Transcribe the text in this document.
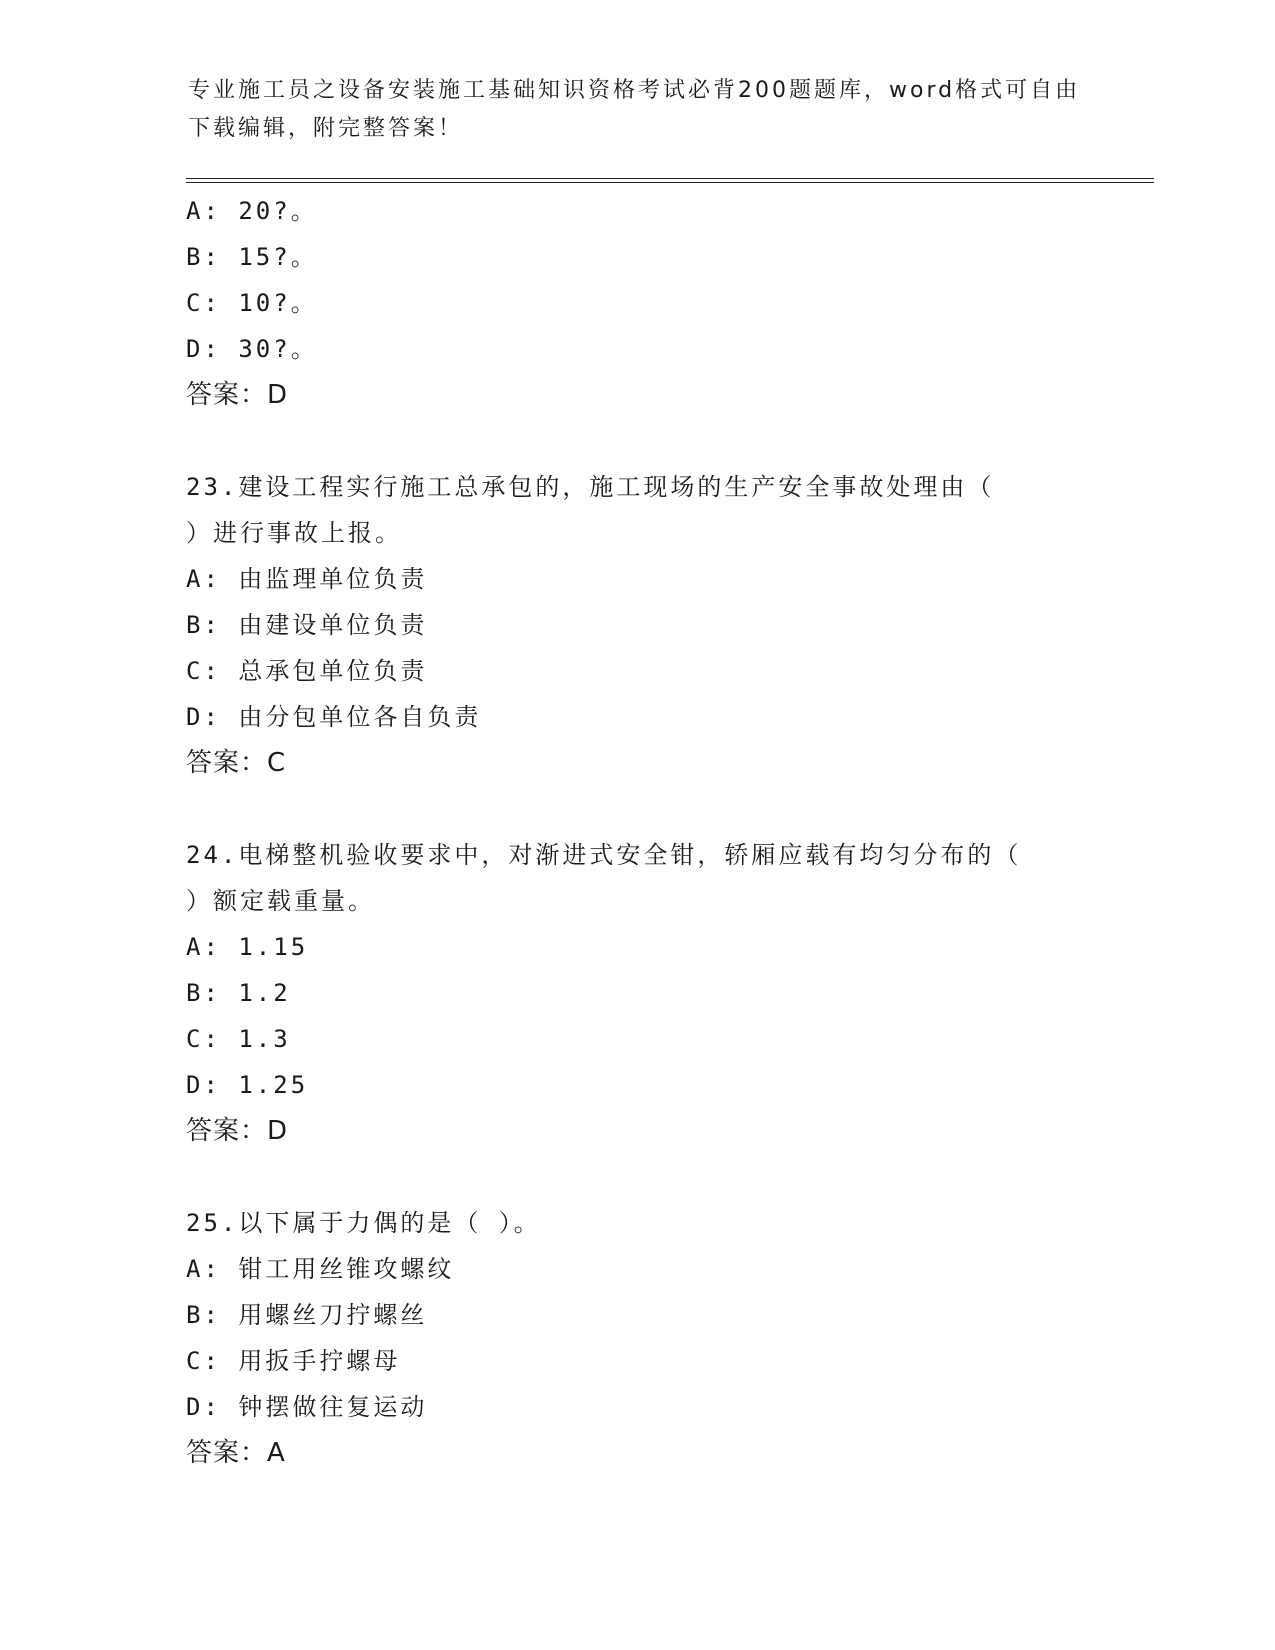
专业施工员之设备安装施工基础知识资格考试必背200题题库，word格式可自由
下载编辑，附完整答案！
A: 20?。
B: 15?。
C: 10?。
D: 30?。
答案：D
23.建设工程实行施工总承包的，施工现场的生产安全事故处理由（
）进行事故上报。
A: 由监理单位负责
B: 由建设单位负责
C: 总承包单位负责
D: 由分包单位各自负责
答案：C
24.电梯整机验收要求中，对渐进式安全钳，轿厢应载有均匀分布的（
）额定载重量。
A: 1.15
B: 1.2
C: 1.3
D: 1.25
答案：D
25.以下属于力偶的是（ ）。
A: 钳工用丝锥攻螺纹
B: 用螺丝刀拧螺丝
C: 用扳手拧螺母
D: 钟摆做往复运动
答案：A
